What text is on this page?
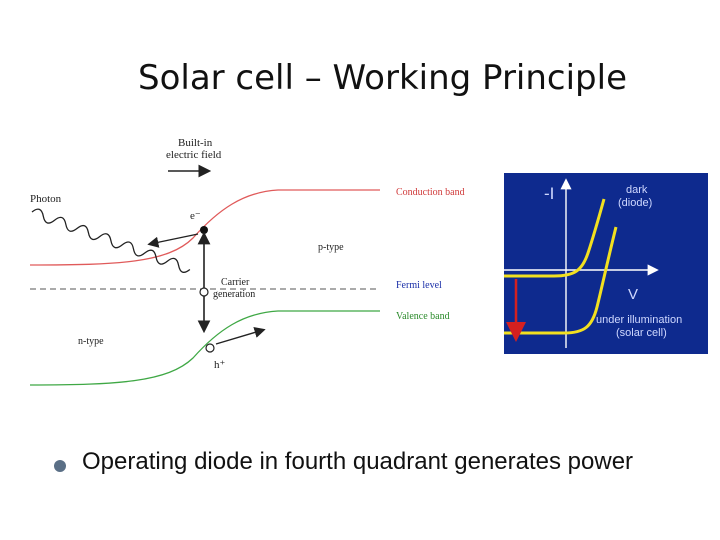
Solar cell – Working Principle
Built-in
electric field
Conduction band
Fermi level
Valence band
Photon
e⁻
Carrier
generation
p-type
n-type
h⁺
-I
V
dark
(diode)
under illumination
(solar cell)
Operating diode in fourth quadrant generates power
